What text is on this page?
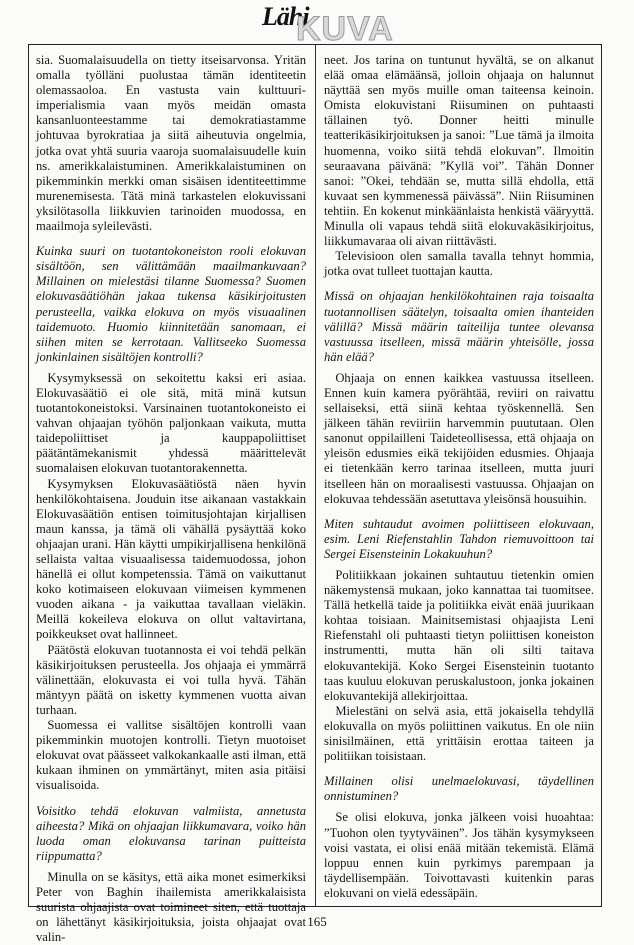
Lähi
KUVA

sia. Suomalaisuudella on tietty itseisarvonsa. Yritän omalla työlläni puolustaa tämän identiteetin olemassaoloa. En vastusta vain kulttuuri-imperialismia vaan myös meidän omasta kansanluonteestamme tai demokratiastamme johtuvaa byrokratiaa ja siitä aiheutuvia ongelmia, jotka ovat yhtä suuria vaaroja suomalaisuudelle kuin ns. amerikkalaistuminen. Amerikkalaistuminen on pikemminkin merkki oman sisäisen identiteettimme murenemisesta. Tätä minä tarkastelen elokuvissani yksilötasolla liikkuvien tarinoiden muodossa, en maailmoja syleilevästi.

Kuinka suuri on tuotantokoneiston rooli elokuvan sisältöön, sen välittämään maailmankuvaan? Millainen on mielestäsi tilanne Suomessa? Suomen elokuvasäätiöhän jakaa tukensa käsikirjoitusten perusteella, vaikka elokuva on myös visuaalinen taidemuoto. Huomio kiinnitetään sanomaan, ei siihen miten se kerrotaan. Vallitseeko Suomessa jonkinlainen sisältöjen kontrolli?

Kysymyksessä on sekoitettu kaksi eri asiaa. Elokuvasäätiö ei ole sitä, mitä minä kutsun tuotantokoneistoksi. Varsinainen tuotantokoneisto ei vahvan ohjaajan työhön paljonkaan vaikuta, mutta taidepoliittiset ja kauppapoliittiset päätäntämekanismit yhdessä määrittelevät suomalaisen elokuvan tuotantorakennetta.

Kysymyksen Elokuvasäätiöstä näen hyvin henkilökohtaisena. Jouduin itse aikanaan vastakkain Elokuvasäätiön entisen toimitusjohtajan kirjallisen maun kanssa, ja tämä oli vähällä pysäyttää koko ohjaajan urani. Hän käytti umpikirjallisena henkilönä sellaista valtaa visuaalisessa taidemuodossa, johon hänellä ei ollut kompetenssia. Tämä on vaikuttanut koko kotimaiseen elokuvaan viimeisen kymmenen vuoden aikana - ja vaikuttaa tavallaan vieläkin. Meillä kokeileva elokuva on ollut valtavirtana, poikkeukset ovat hallinneet.

Päätöstä elokuvan tuotannosta ei voi tehdä pelkän käsikirjoituksen perusteella. Jos ohjaaja ei ymmärrä välinettään, elokuvasta ei voi tulla hyvä. Tähän mäntyyn päätä on isketty kymmenen vuotta aivan turhaan.

Suomessa ei vallitse sisältöjen kontrolli vaan pikemminkin muotojen kontrolli. Tietyn muotoiset elokuvat ovat päässeet valkokankaalle asti ilman, että kukaan ihminen on ymmärtänyt, miten asia pitäisi visualisoida.

Voisitko tehdä elokuvan valmiista, annetusta aiheesta? Mikä on ohjaajan liikkumavara, voiko hän luoda oman elokuvansa tarinan puitteista riippumatta?

Minulla on se käsitys, että aika monet esimerkiksi Peter von Baghin ihailemista amerikkalaisista suurista ohjaajista ovat toimineet siten, että tuottaja on lähettänyt käsikirjoituksia, joista ohjaajat ovat valin-

neet. Jos tarina on tuntunut hyvältä, se on alkanut elää omaa elämäänsä, jolloin ohjaaja on halunnut näyttää sen myös muille oman taiteensa keinoin. Omista elokuvistani Riisuminen on puhtaasti tällainen työ. Donner heitti minulle teatterikäsikirjoituksen ja sanoi: ”Lue tämä ja ilmoita huomenna, voiko siitä tehdä elokuvan”. Ilmoitin seuraavana päivänä: ”Kyllä voi”. Tähän Donner sanoi: ”Okei, tehdään se, mutta sillä ehdolla, että kuvaat sen kymmenessä päivässä”. Niin Riisuminen tehtiin. En kokenut minkäänlaista henkistä vääryyttä. Minulla oli vapaus tehdä siitä elokuvakäsikirjoitus, liikkumavaraa oli aivan riittävästi.

Televisioon olen samalla tavalla tehnyt hommia, jotka ovat tulleet tuottajan kautta.

Missä on ohjaajan henkilökohtainen raja toisaalta tuotannollisen säätelyn, toisaalta omien ihanteiden välillä? Missä määrin taiteilija tuntee olevansa vastuussa itselleen, missä määrin yhteisölle, jossa hän elää?

Ohjaaja on ennen kaikkea vastuussa itselleen. Ennen kuin kamera pyörähtää, reviiri on raivattu sellaiseksi, että siinä kehtaa työskennellä. Sen jälkeen tähän reviiriin harvemmin puututaan. Olen sanonut oppilailleni Taideteollisessa, että ohjaaja on yleisön edusmies eikä tekijöiden edusmies. Ohjaaja ei tietenkään kerro tarinaa itselleen, mutta juuri itselleen hän on moraalisesti vastuussa. Ohjaajan on elokuvaa tehdessään asetuttava yleisönsä housuihin.

Miten suhtaudut avoimen poliittiseen elokuvaan, esim. Leni Riefenstahlin Tahdon riemuvoittoon tai Sergei Eisensteinin Lokakuuhun?

Politiikkaan jokainen suhtautuu tietenkin omien näkemystensä mukaan, joko kannattaa tai tuomitsee. Tällä hetkellä taide ja politiikka eivät enää juurikaan kohtaa toisiaan. Mainitsemistasi ohjaajista Leni Riefenstahl oli puhtaasti tietyn poliittisen koneiston instrumentti, mutta hän oli silti taitava elokuvantekijä. Koko Sergei Eisensteinin tuotanto taas kuuluu elokuvan peruskalustoon, jonka jokainen elokuvantekijä allekirjoittaa.

Mielestäni on selvä asia, että jokaisella tehdyllä elokuvalla on myös poliittinen vaikutus. En ole niin sinisilmäinen, että yrittäisin erottaa taiteen ja politiikan toisistaan.

Millainen olisi unelmaelokuvasi, täydellinen onnistuminen?

Se olisi elokuva, jonka jälkeen voisi huoahtaa: ”Tuohon olen tyytyväinen”. Jos tähän kysymykseen voisi vastata, ei olisi enää mitään tekemistä. Elämä loppuu ennen kuin pyrkimys parempaan ja täydellisempään. Toivottavasti kuitenkin paras elokuvani on vielä edessäpäin.

165
